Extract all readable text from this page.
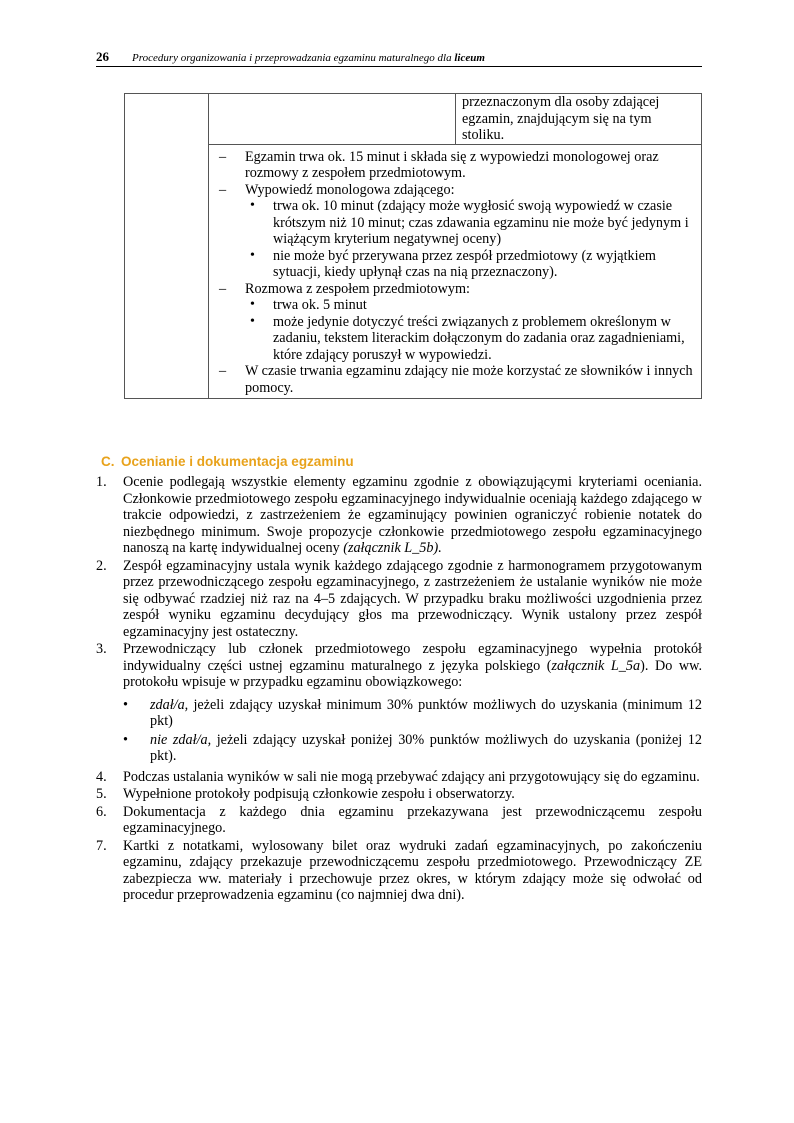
26 Procedury organizowania i przeprowadzania egzaminu maturalnego dla liceum

przeznaczonym dla osoby zdającej
egzamin, znajdującym się na tym
stoliku.

– Egzamin trwa ok. 15 minut i składa się z wypowiedzi monologowej oraz rozmowy z zespołem przedmiotowym.
– Wypowiedź monologowa zdającego:
• trwa ok. 10 minut (zdający może wygłosić swoją wypowiedź w czasie krótszym niż 10 minut; czas zdawania egzaminu nie może być jedynym i wiążącym kryterium negatywnej oceny)
• nie może być przerywana przez zespół przedmiotowy (z wyjątkiem sytuacji, kiedy upłynął czas na nią przeznaczony).
– Rozmowa z zespołem przedmiotowym:
• trwa ok. 5 minut
• może jedynie dotyczyć treści związanych z problemem określonym w zadaniu, tekstem literackim dołączonym do zadania oraz zagadnieniami, które zdający poruszył w wypowiedzi.
– W czasie trwania egzaminu zdający nie może korzystać ze słowników i innych pomocy.
C. Ocenianie i dokumentacja egzaminu
1. Ocenie podlegają wszystkie elementy egzaminu zgodnie z obowiązującymi kryteriami oceniania. Członkowie przedmiotowego zespołu egzaminacyjnego indywidualnie oceniają każdego zdającego w trakcie odpowiedzi, z zastrzeżeniem że egzaminujący powinien ograniczyć robienie notatek do niezbędnego minimum. Swoje propozycje członkowie przedmiotowego zespołu egzaminacyjnego nanoszą na kartę indywidualnej oceny (załącznik L_5b).
2. Zespół egzaminacyjny ustala wynik każdego zdającego zgodnie z harmonogramem przygotowanym przez przewodniczącego zespołu egzaminacyjnego, z zastrzeżeniem że ustalanie wyników nie może się odbywać rzadziej niż raz na 4–5 zdających. W przypadku braku możliwości uzgodnienia przez zespół wyniku egzaminu decydujący głos ma przewodniczący. Wynik ustalony przez zespół egzaminacyjny jest ostateczny.
3. Przewodniczący lub członek przedmiotowego zespołu egzaminacyjnego wypełnia protokół indywidualny części ustnej egzaminu maturalnego z języka polskiego (załącznik L_5a). Do ww. protokołu wpisuje w przypadku egzaminu obowiązkowego:
• zdał/a, jeżeli zdający uzyskał minimum 30% punktów możliwych do uzyskania (minimum 12 pkt)
• nie zdał/a, jeżeli zdający uzyskał poniżej 30% punktów możliwych do uzyskania (poniżej 12 pkt).
4. Podczas ustalania wyników w sali nie mogą przebywać zdający ani przygotowujący się do egzaminu.
5. Wypełnione protokoły podpisują członkowie zespołu i obserwatorzy.
6. Dokumentacja z każdego dnia egzaminu przekazywana jest przewodniczącemu zespołu egzaminacyjnego.
7. Kartki z notatkami, wylosowany bilet oraz wydruki zadań egzaminacyjnych, po zakończeniu egzaminu, zdający przekazuje przewodniczącemu zespołu przedmiotowego. Przewodniczący ZE zabezpiecza ww. materiały i przechowuje przez okres, w którym zdający może się odwołać od procedur przeprowadzenia egzaminu (co najmniej dwa dni).
